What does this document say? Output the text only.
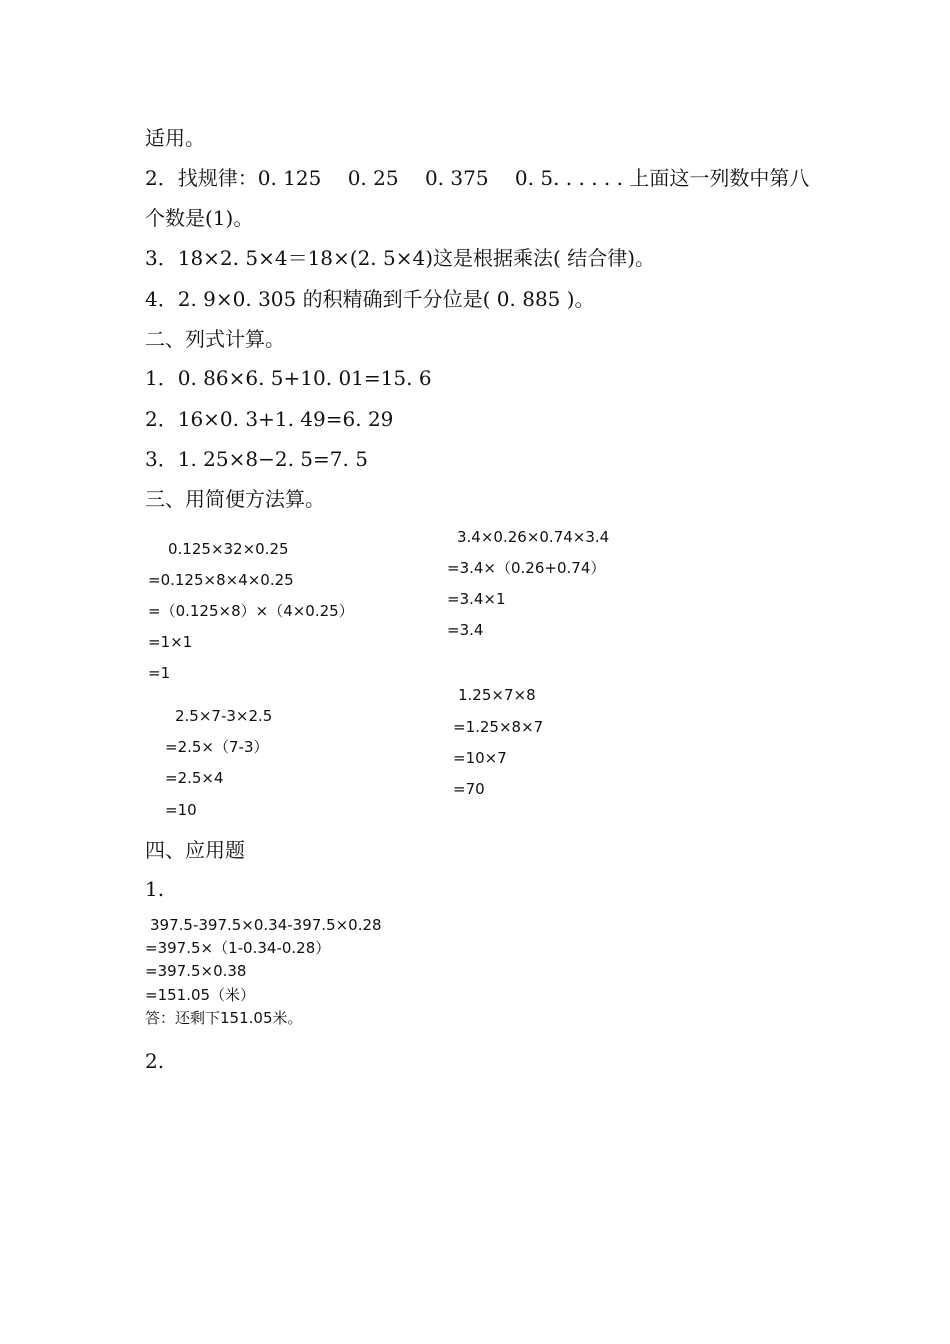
适用。
2．找规律：0. 125　 0. 25　 0. 375　 0. 5. . . . . . 上面这一列数中第八
个数是(1)。
3．18×2. 5×4＝18×(2. 5×4)这是根据乘法( 结合律)。
4．2. 9×0. 305 的积精确到千分位是( 0. 885 )。
二、列式计算。
1．0. 86×6. 5+10. 01=15. 6
2．16×0. 3+1. 49=6. 29
3．1. 25×8−2. 5=7. 5
三、用简便方法算。
0.125×32×0.25
=0.125×8×4×0.25
=（0.125×8）×（4×0.25）
=1×1
=1
3.4×0.26×0.74×3.4
=3.4×（0.26+0.74）
=3.4×1
=3.4
2.5×7-3×2.5
=2.5×（7-3）
=2.5×4
=10
1.25×7×8
=1.25×8×7
=10×7
=70
四、应用题
1.
397.5-397.5×0.34-397.5×0.28
=397.5×（1-0.34-0.28）
=397.5×0.38
=151.05（米）
答：还剩下151.05米。
2.
